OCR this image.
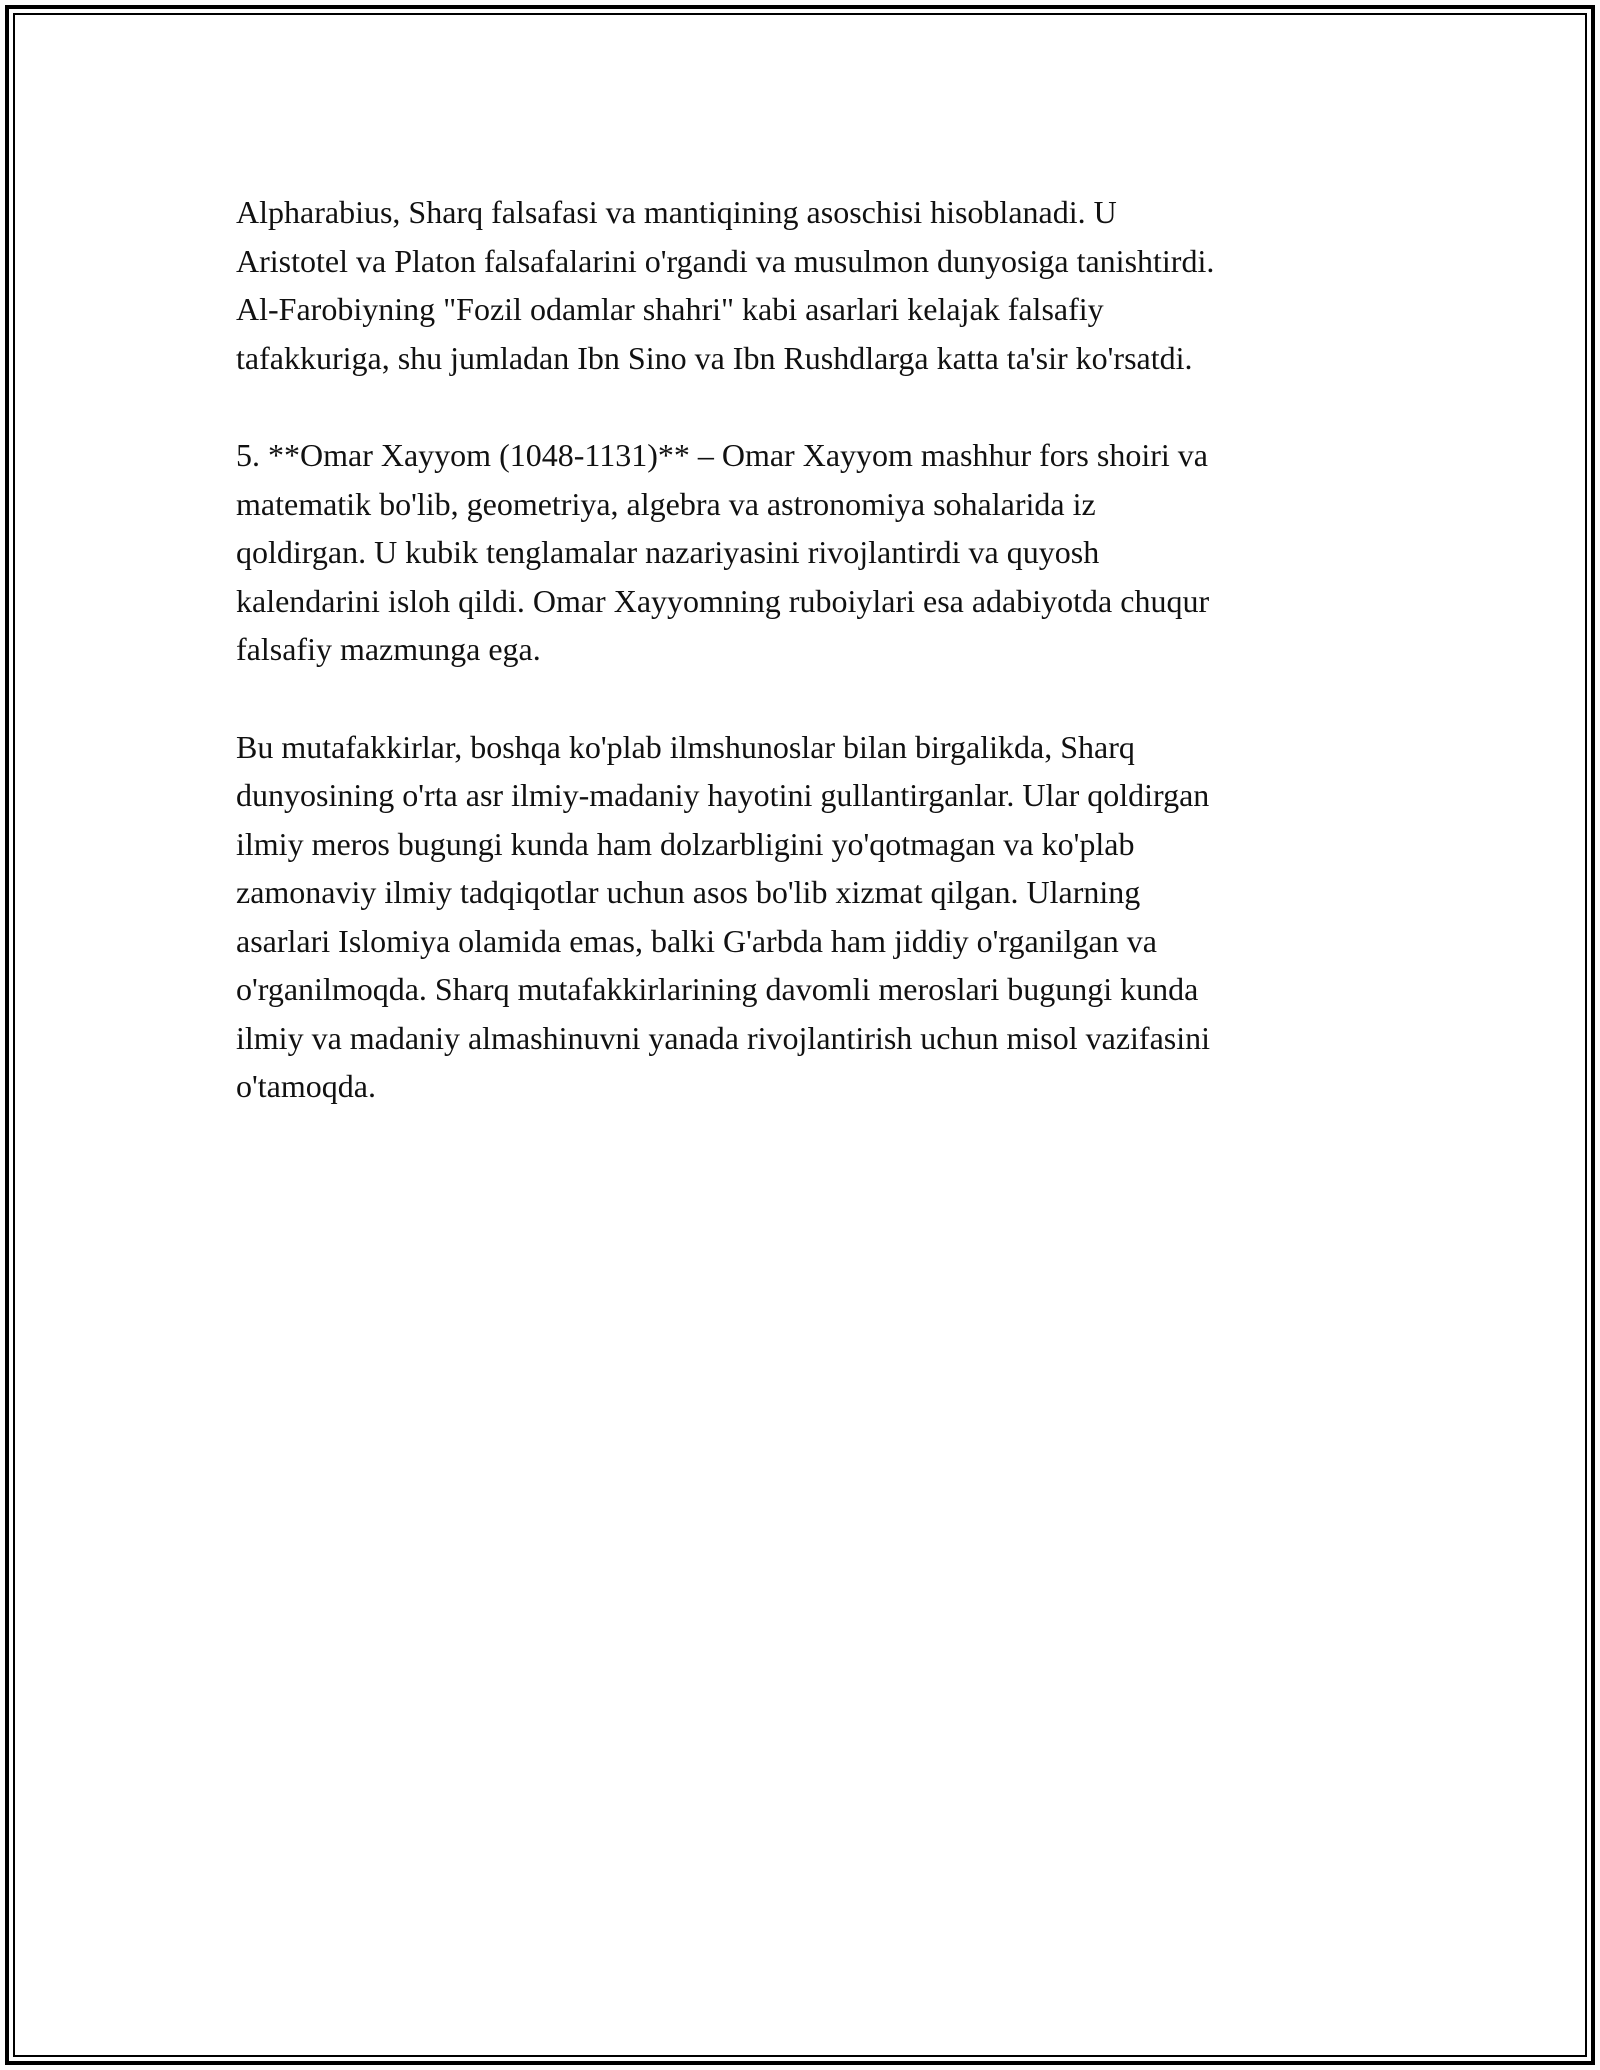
Alpharabius, Sharq falsafasi va mantiqining asoschisi hisoblanadi. U
Aristotel va Platon falsafalarini o'rgandi va musulmon dunyosiga tanishtirdi.
Al-Farobiyning "Fozil odamlar shahri" kabi asarlari kelajak falsafiy
tafakkuriga, shu jumladan Ibn Sino va Ibn Rushdlarga katta ta'sir ko'rsatdi.

5. **Omar Xayyom (1048-1131)** – Omar Xayyom mashhur fors shoiri va
matematik bo'lib, geometriya, algebra va astronomiya sohalarida iz
qoldirgan. U kubik tenglamalar nazariyasini rivojlantirdi va quyosh
kalendarini isloh qildi. Omar Xayyomning ruboiylari esa adabiyotda chuqur
falsafiy mazmunga ega.

Bu mutafakkirlar, boshqa ko'plab ilmshunoslar bilan birgalikda, Sharq
dunyosining o'rta asr ilmiy-madaniy hayotini gullantirganlar. Ular qoldirgan
ilmiy meros bugungi kunda ham dolzarbligini yo'qotmagan va ko'plab
zamonaviy ilmiy tadqiqotlar uchun asos bo'lib xizmat qilgan. Ularning
asarlari Islomiya olamida emas, balki G'arbda ham jiddiy o'rganilgan va
o'rganilmoqda. Sharq mutafakkirlarining davomli meroslari bugungi kunda
ilmiy va madaniy almashinuvni yanada rivojlantirish uchun misol vazifasini
o'tamoqda.
